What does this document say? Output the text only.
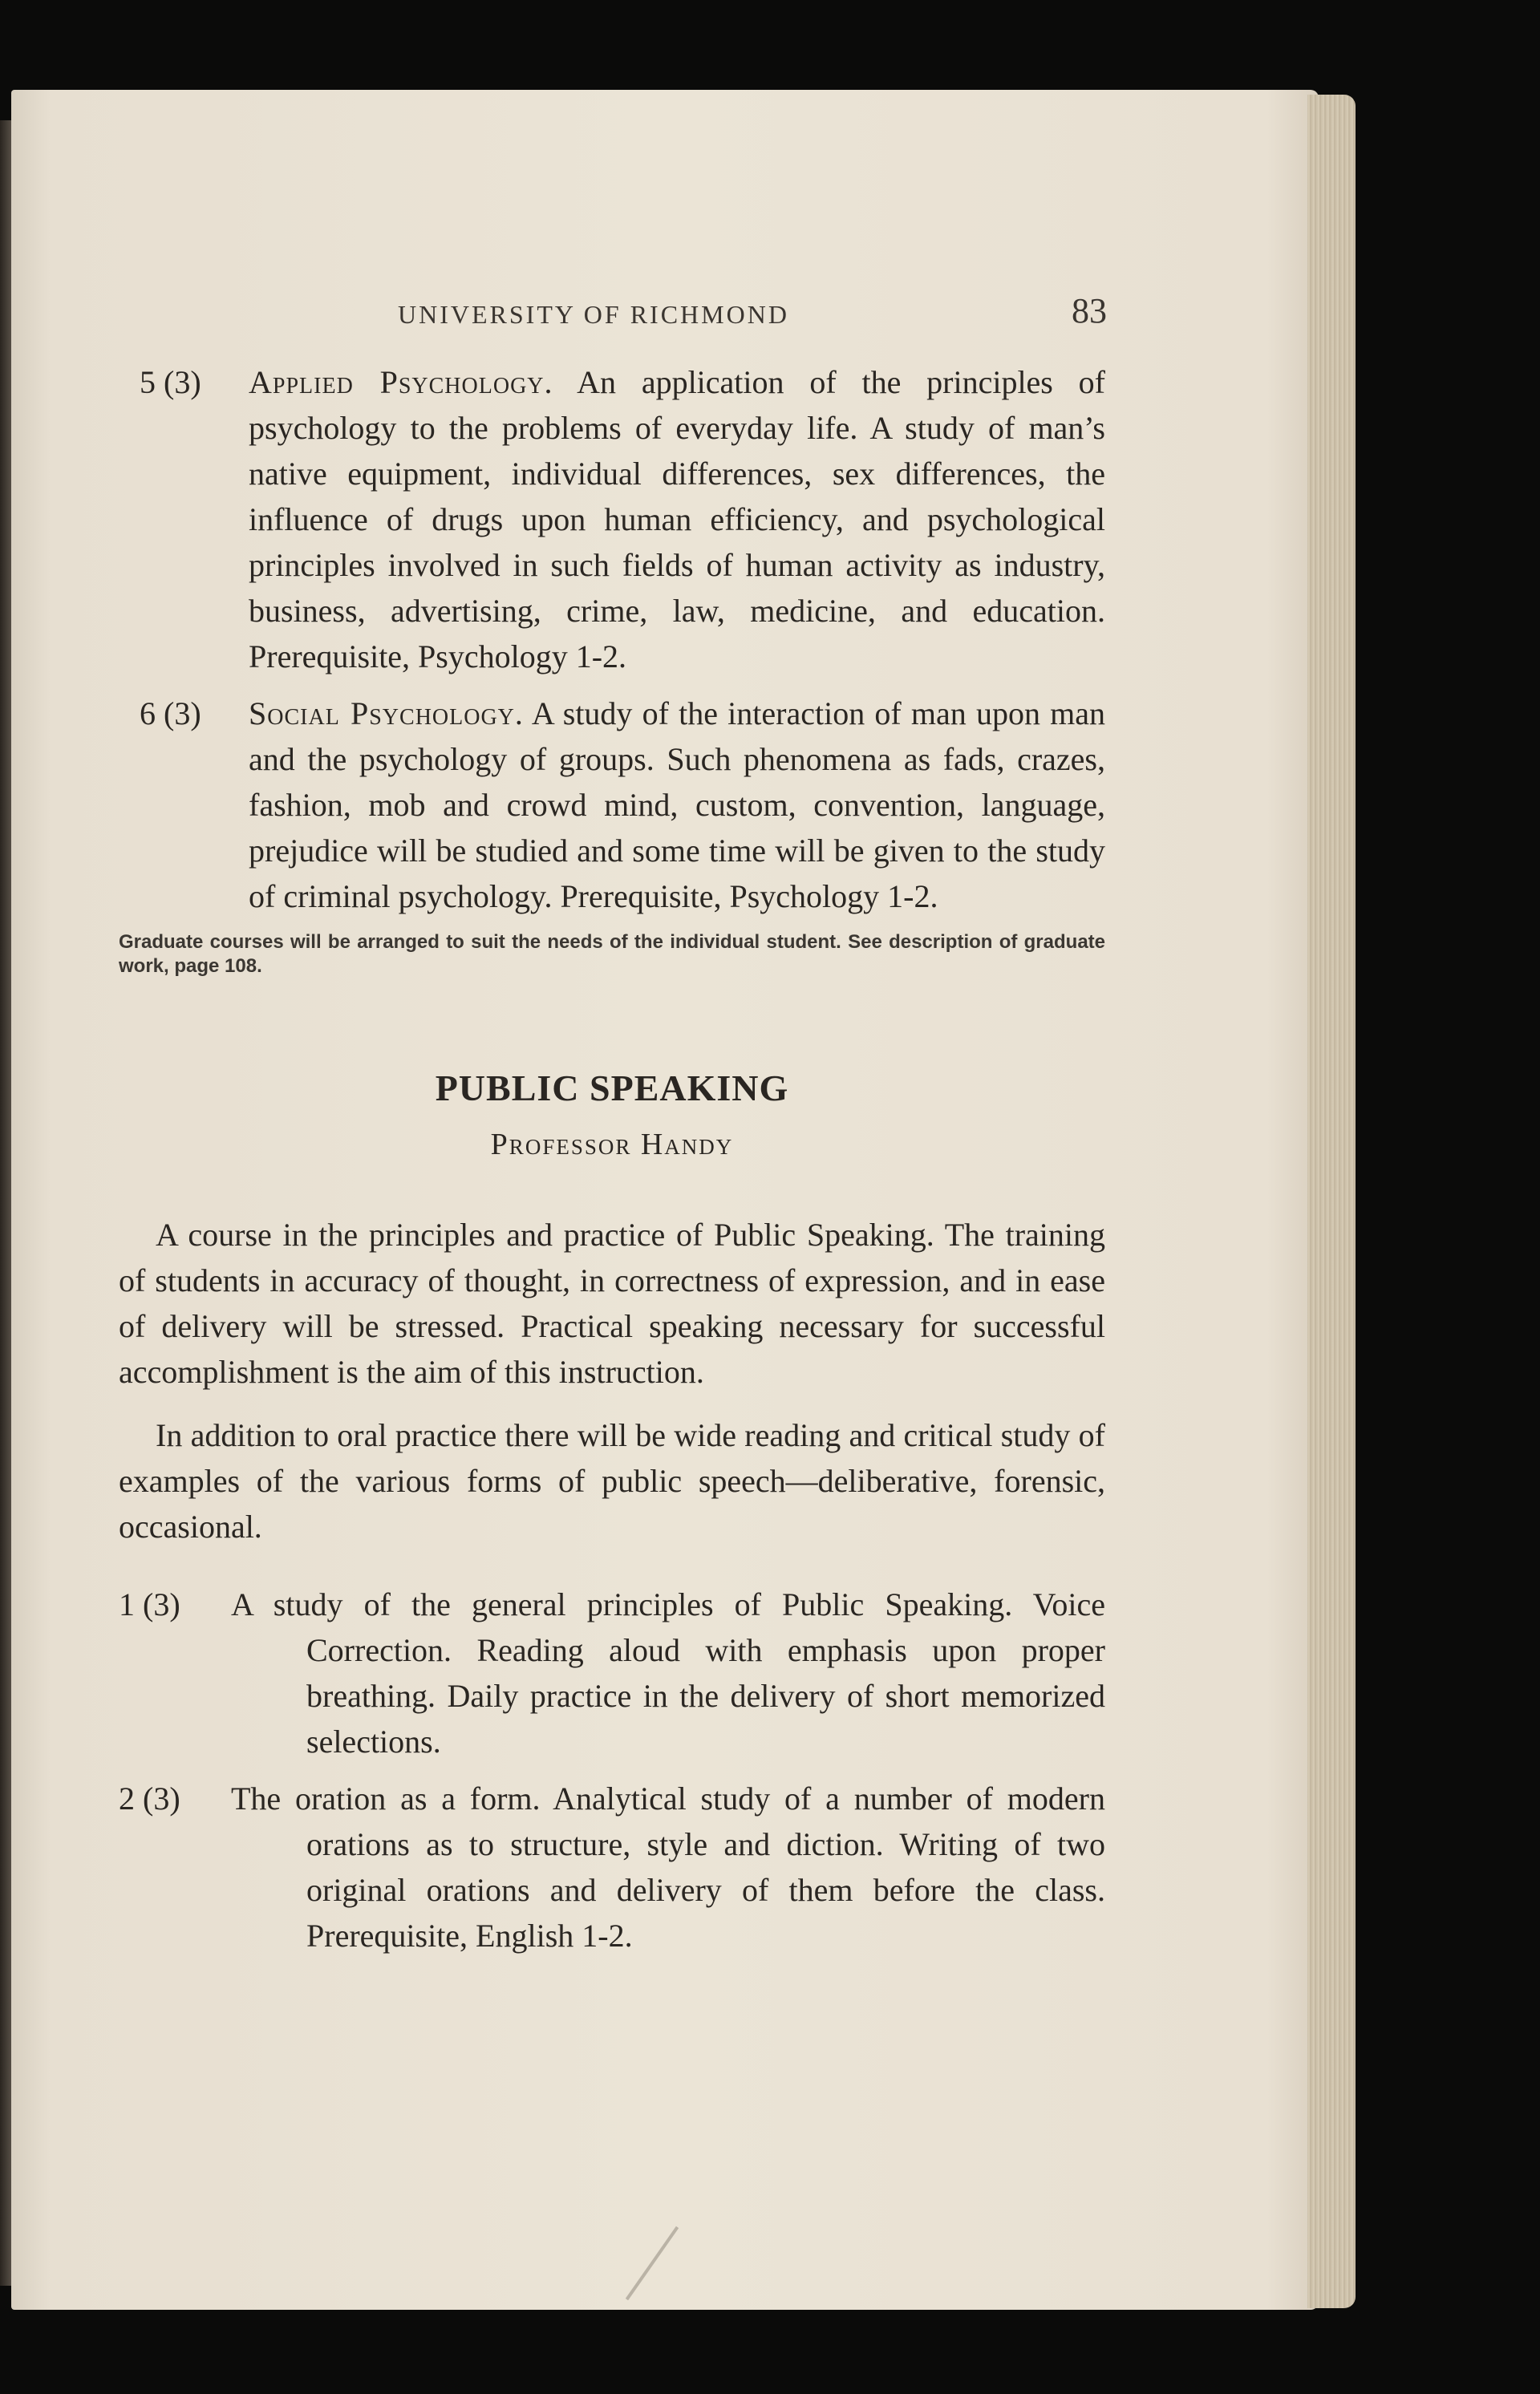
UNIVERSITY OF RICHMOND	83
5 (3) Applied Psychology. An application of the principles of psychology to the problems of everyday life. A study of man’s native equipment, individual differences, sex differences, the influence of drugs upon human efficiency, and psychological principles involved in such fields of human activity as industry, business, advertising, crime, law, medicine, and education. Prerequisite, Psychology 1-2.
6 (3) Social Psychology. A study of the interaction of man upon man and the psychology of groups. Such phenomena as fads, crazes, fashion, mob and crowd mind, custom, convention, language, prejudice will be studied and some time will be given to the study of criminal psychology. Prerequisite, Psychology 1-2.
Graduate courses will be arranged to suit the needs of the individual student. See description of graduate work, page 108.
PUBLIC SPEAKING
Professor Handy

A course in the principles and practice of Public Speaking. The training of students in accuracy of thought, in correctness of expression, and in ease of delivery will be stressed. Practical speaking necessary for successful accomplishment is the aim of this instruction.

In addition to oral practice there will be wide reading and critical study of examples of the various forms of public speech—deliberative, forensic, occasional.

1 (3) A study of the general principles of Public Speaking. Voice Correction. Reading aloud with emphasis upon proper breathing. Daily practice in the delivery of short memorized selections.
2 (3) The oration as a form. Analytical study of a number of modern orations as to structure, style and diction. Writing of two original orations and delivery of them before the class. Prerequisite, English 1-2.
